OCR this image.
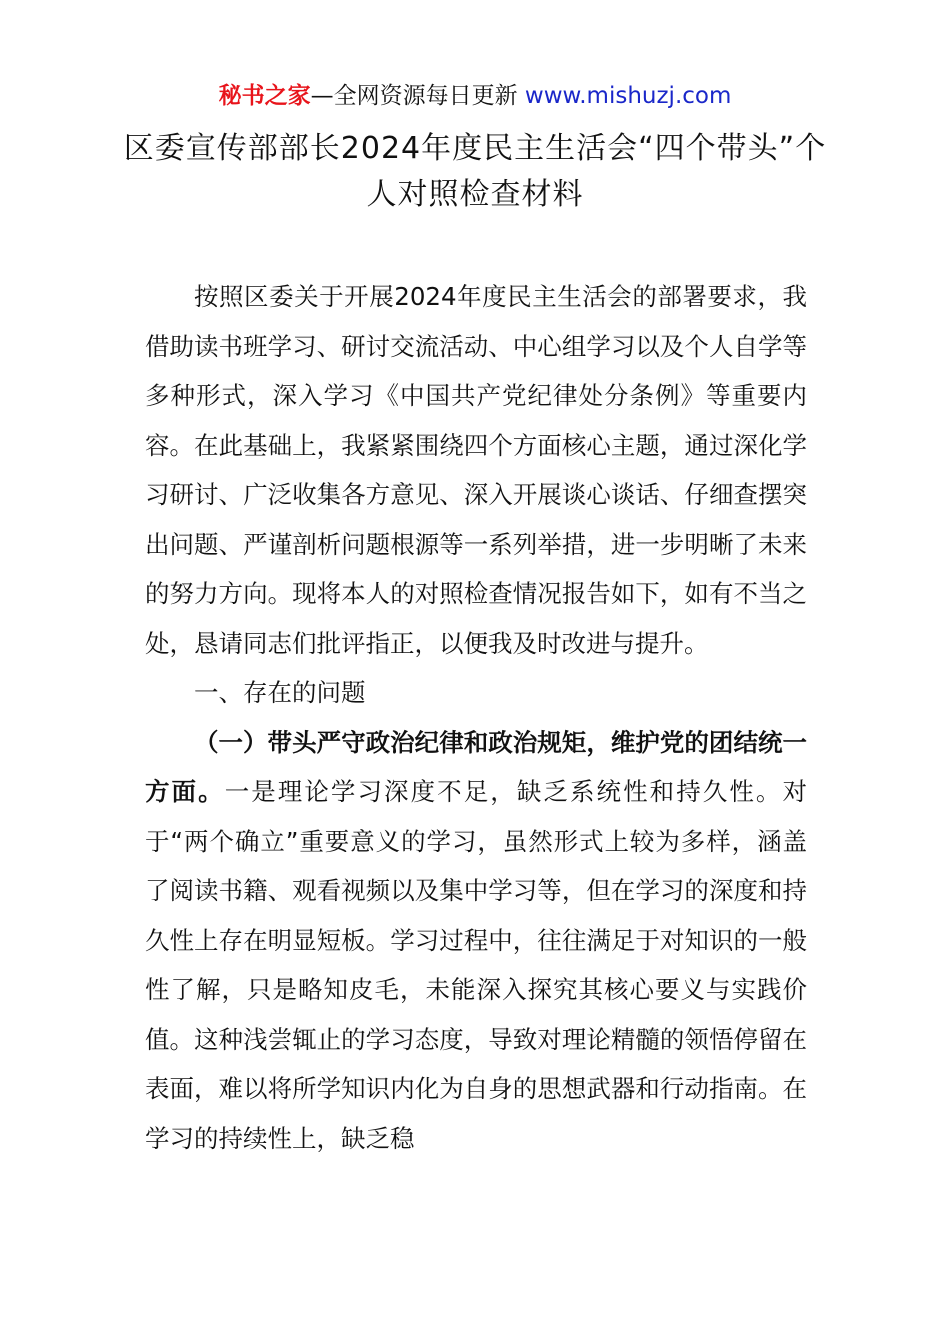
秘书之家—全网资源每日更新 www.mishuzj.com
区委宣传部部长2024年度民主生活会“四个带头”个人对照检查材料

按照区委关于开展2024年度民主生活会的部署要求，我借助读书班学习、研讨交流活动、中心组学习以及个人自学等多种形式，深入学习《中国共产党纪律处分条例》等重要内容。在此基础上，我紧紧围绕四个方面核心主题，通过深化学习研讨、广泛收集各方意见、深入开展谈心谈话、仔细查摆突出问题、严谨剖析问题根源等一系列举措，进一步明晰了未来的努力方向。现将本人的对照检查情况报告如下，如有不当之处，恳请同志们批评指正，以便我及时改进与提升。

一、存在的问题

（一）带头严守政治纪律和政治规矩，维护党的团结统一方面。一是理论学习深度不足，缺乏系统性和持久性。对于“两个确立”重要意义的学习，虽然形式上较为多样，涵盖了阅读书籍、观看视频以及集中学习等，但在学习的深度和持久性上存在明显短板。学习过程中，往往满足于对知识的一般性了解，只是略知皮毛，未能深入探究其核心要义与实践价值。这种浅尝辄止的学习态度，导致对理论精髓的领悟停留在表面，难以将所学知识内化为自身的思想武器和行动指南。在学习的持续性上，缺乏稳
